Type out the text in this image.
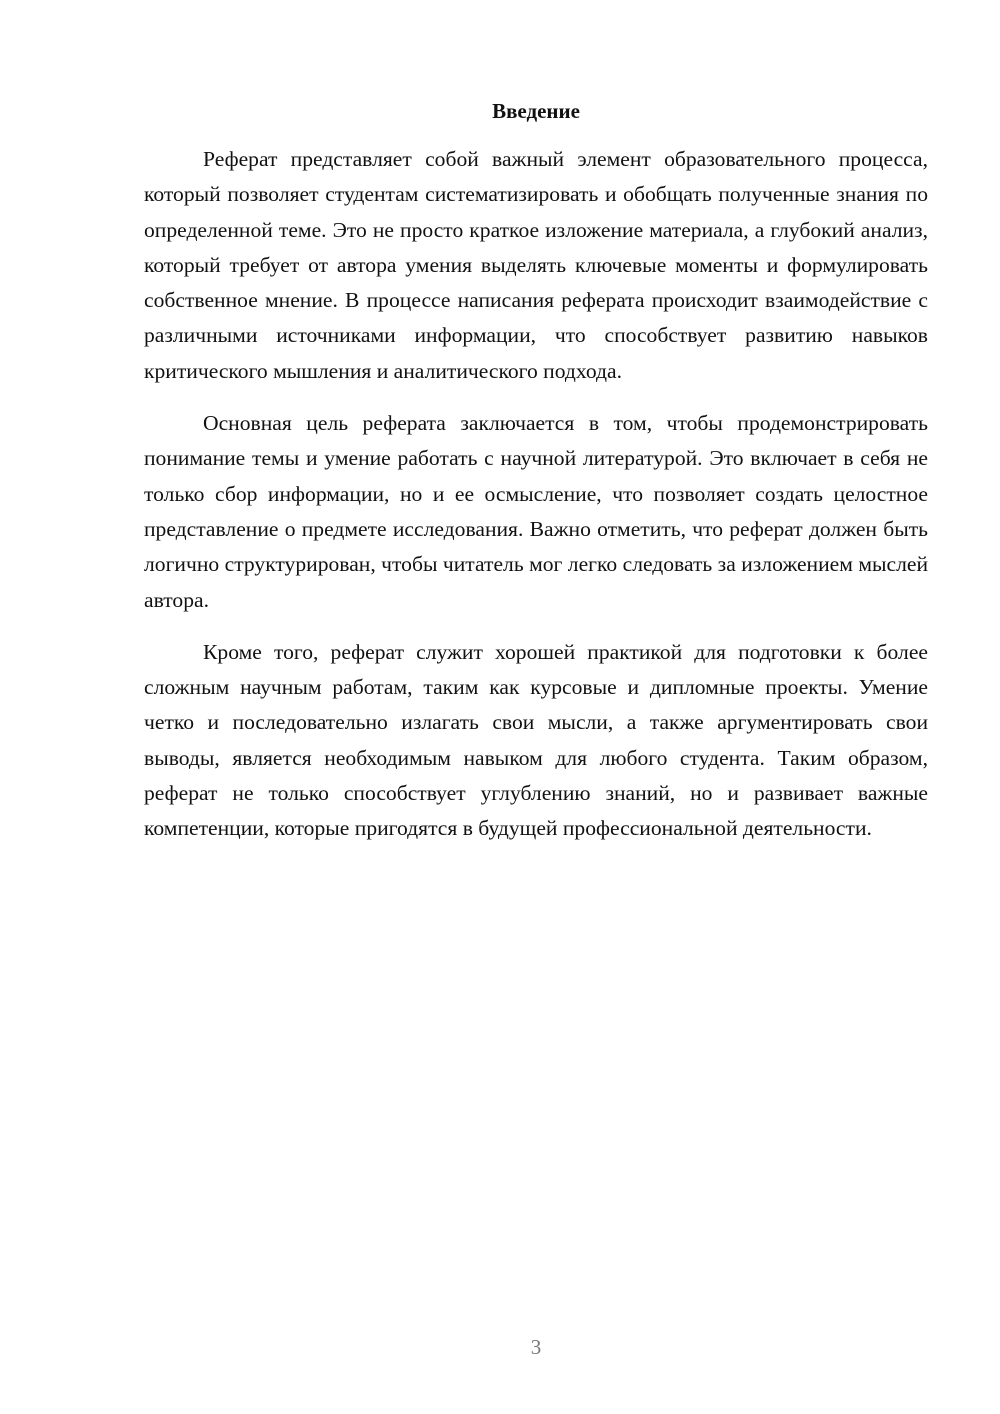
Введение

Реферат представляет собой важный элемент образовательного процесса, который позволяет студентам систематизировать и обобщать полученные знания по определенной теме. Это не просто краткое изложение материала, а глубокий анализ, который требует от автора умения выделять ключевые моменты и формулировать собственное мнение. В процессе написания реферата происходит взаимодействие с различными источниками информации, что способствует развитию навыков критического мышления и аналитического подхода.

Основная цель реферата заключается в том, чтобы продемонстрировать понимание темы и умение работать с научной литературой. Это включает в себя не только сбор информации, но и ее осмысление, что позволяет создать целостное представление о предмете исследования. Важно отметить, что реферат должен быть логично структурирован, чтобы читатель мог легко следовать за изложением мыслей автора.

Кроме того, реферат служит хорошей практикой для подготовки к более сложным научным работам, таким как курсовые и дипломные проекты. Умение четко и последовательно излагать свои мысли, а также аргументировать свои выводы, является необходимым навыком для любого студента. Таким образом, реферат не только способствует углублению знаний, но и развивает важные компетенции, которые пригодятся в будущей профессиональной деятельности.

3
